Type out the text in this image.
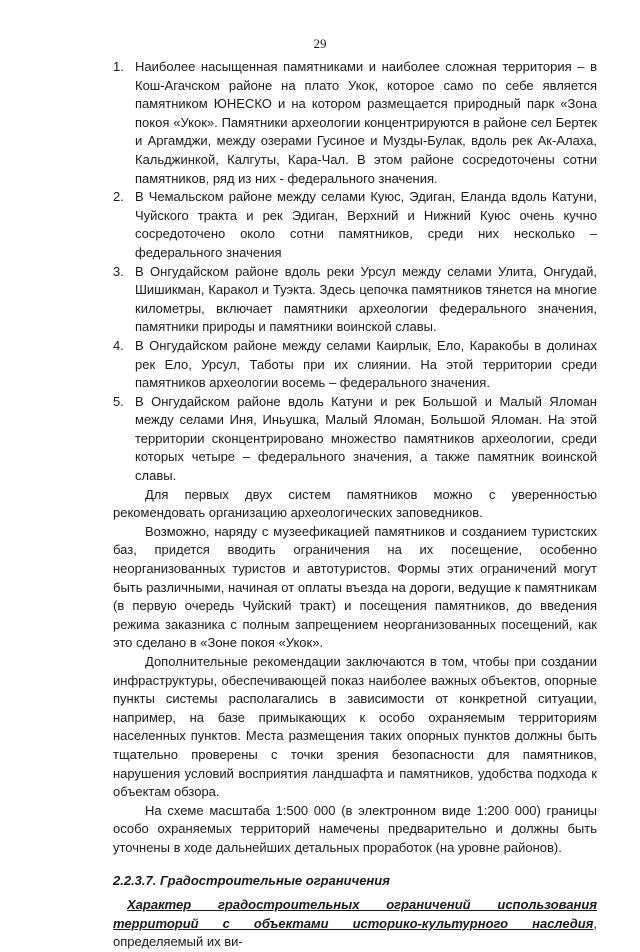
29
1. Наиболее насыщенная памятниками и наиболее сложная территория – в Кош-Агачском районе на плато Укок, которое само по себе является памятником ЮНЕСКО и на котором размещается природный парк «Зона покоя «Укок». Памятники археологии концентрируются в районе сел Бертек и Аргамджи, между озерами Гусиное и Музды-Булак, вдоль рек Ак-Алаха, Кальджинкой, Калгуты, Кара-Чал. В этом районе сосредоточены сотни памятников, ряд из них - федерального значения.
2. В Чемальском районе между селами Куюс, Эдиган, Еланда вдоль Катуни, Чуйского тракта и рек Эдиган, Верхний и Нижний Куюс очень кучно сосредоточено около сотни памятников, среди них несколько – федерального значения
3. В Онгудайском районе вдоль реки Урсул между селами Улита, Онгудай, Шишикман, Каракол и Туэкта. Здесь цепочка памятников тянется на многие километры, включает памятники археологии федерального значения, памятники природы и памятники воинской славы.
4. В Онгудайском районе между селами Каирлык, Ело, Каракобы в долинах рек Ело, Урсул, Таботы при их слиянии. На этой территории среди памятников археологии восемь – федерального значения.
5. В Онгудайском районе вдоль Катуни и рек Большой и Малый Яломан между селами Иня, Иньушка, Малый Яломан, Большой Яломан. На этой территории сконцентрировано множество памятников археологии, среди которых четыре – федерального значения, а также памятник воинской славы.

Для первых двух систем памятников можно с уверенностью рекомендовать организацию археологических заповедников.

Возможно, наряду с музеефикацией памятников и созданием туристских баз, придется вводить ограничения на их посещение, особенно неорганизованных туристов и автотуристов. Формы этих ограничений могут быть различными, начиная от оплаты въезда на дороги, ведущие к памятникам (в первую очередь Чуйский тракт) и посещения памятников, до введения режима заказника с полным запрещением неорганизованных посещений, как это сделано в «Зоне покоя «Укок».

Дополнительные рекомендации заключаются в том, чтобы при создании инфраструктуры, обеспечивающей показ наиболее важных объектов, опорные пункты системы располагались в зависимости от конкретной ситуации, например, на базе примыкающих к особо охраняемым территориям населенных пунктов. Места размещения таких опорных пунктов должны быть тщательно проверены с точки зрения безопасности для памятников, нарушения условий восприятия ландшафта и памятников, удобства подхода к объектам обзора.

На схеме масштаба 1:500 000 (в электронном виде 1:200 000) границы особо охраняемых территорий намечены предварительно и должны быть уточнены в ходе дальнейших детальных проработок (на уровне районов).

2.2.3.7. Градостроительные ограничения

Характер градостроительных ограничений использования территорий с объектами историко-культурного наследия, определяемый их ви-
